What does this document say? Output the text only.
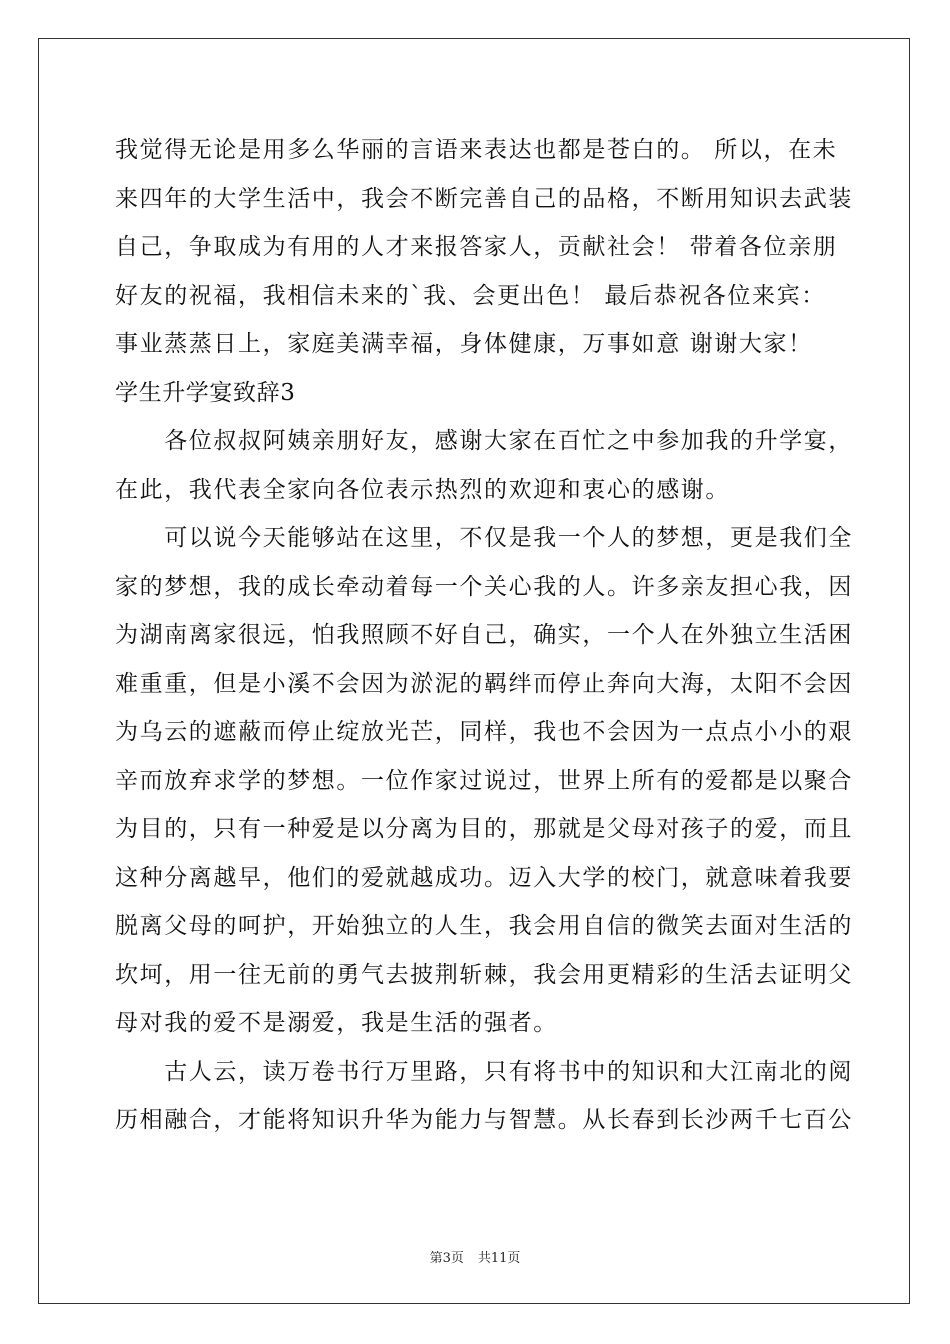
我觉得无论是用多么华丽的言语来表达也都是苍白的。 所以，在未
来四年的大学生活中，我会不断完善自己的品格，不断用知识去武装
自己，争取成为有用的人才来报答家人，贡献社会！ 带着各位亲朋
好友的祝福，我相信未来的`我、会更出色！ 最后恭祝各位来宾：
事业蒸蒸日上，家庭美满幸福，身体健康，万事如意 谢谢大家！
学生升学宴致辞3
　　各位叔叔阿姨亲朋好友，感谢大家在百忙之中参加我的升学宴，
在此，我代表全家向各位表示热烈的欢迎和衷心的感谢。
　　可以说今天能够站在这里，不仅是我一个人的梦想，更是我们全
家的梦想，我的成长牵动着每一个关心我的人。许多亲友担心我，因
为湖南离家很远，怕我照顾不好自己，确实，一个人在外独立生活困
难重重，但是小溪不会因为淤泥的羁绊而停止奔向大海，太阳不会因
为乌云的遮蔽而停止绽放光芒，同样，我也不会因为一点点小小的艰
辛而放弃求学的梦想。一位作家过说过，世界上所有的爱都是以聚合
为目的，只有一种爱是以分离为目的，那就是父母对孩子的爱，而且
这种分离越早，他们的爱就越成功。迈入大学的校门，就意味着我要
脱离父母的呵护，开始独立的人生，我会用自信的微笑去面对生活的
坎坷，用一往无前的勇气去披荆斩棘，我会用更精彩的生活去证明父
母对我的爱不是溺爱，我是生活的强者。
　　古人云，读万卷书行万里路，只有将书中的知识和大江南北的阅
历相融合，才能将知识升华为能力与智慧。从长春到长沙两千七百公
第3页 共11页
